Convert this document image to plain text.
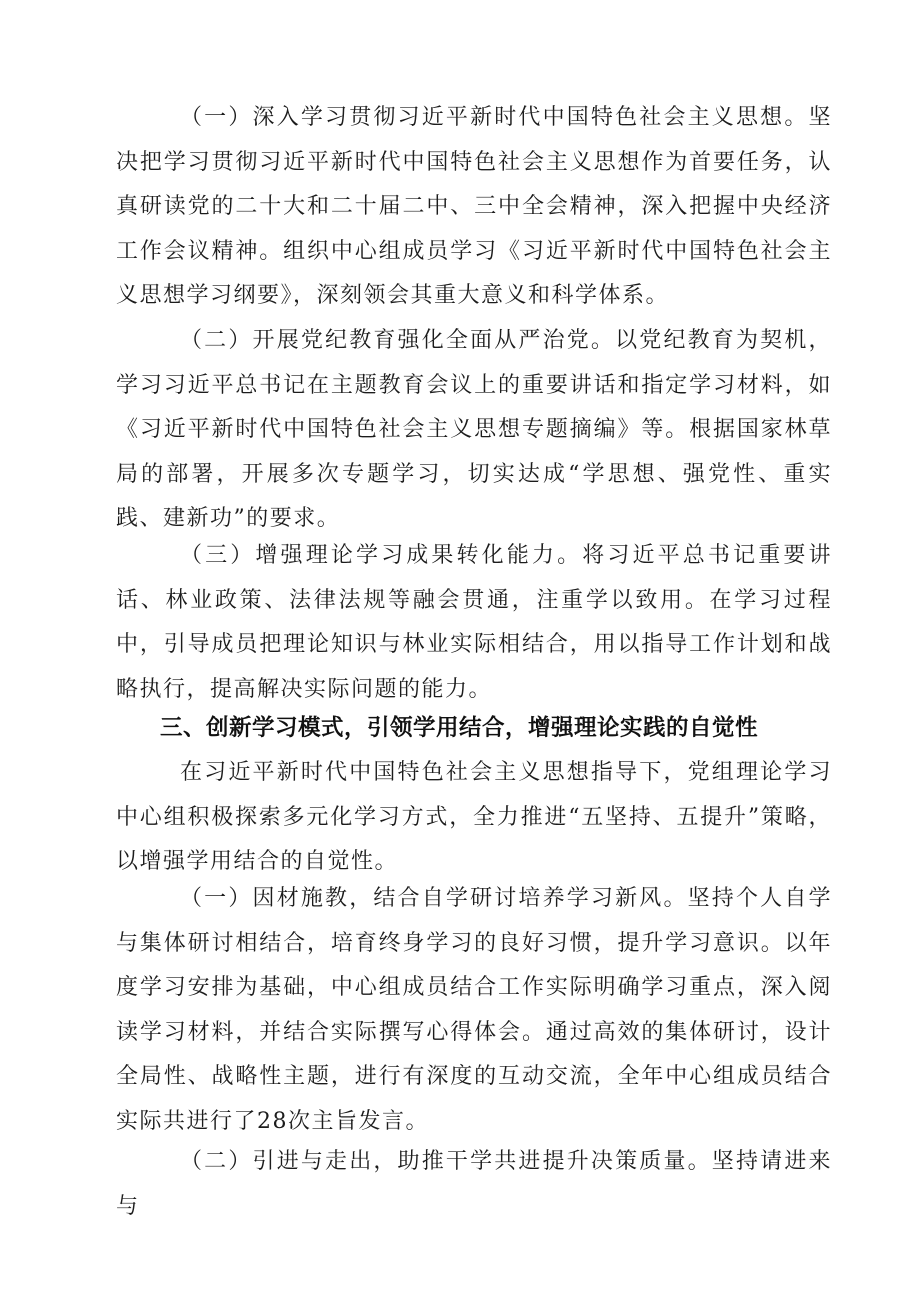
（一）深入学习贯彻习近平新时代中国特色社会主义思想。坚决把学习贯彻习近平新时代中国特色社会主义思想作为首要任务，认真研读党的二十大和二十届二中、三中全会精神，深入把握中央经济工作会议精神。组织中心组成员学习《习近平新时代中国特色社会主义思想学习纲要》，深刻领会其重大意义和科学体系。

（二）开展党纪教育强化全面从严治党。以党纪教育为契机，学习习近平总书记在主题教育会议上的重要讲话和指定学习材料，如《习近平新时代中国特色社会主义思想专题摘编》等。根据国家林草局的部署，开展多次专题学习，切实达成“学思想、强党性、重实践、建新功”的要求。

（三）增强理论学习成果转化能力。将习近平总书记重要讲话、林业政策、法律法规等融会贯通，注重学以致用。在学习过程中，引导成员把理论知识与林业实际相结合，用以指导工作计划和战略执行，提高解决实际问题的能力。

三、创新学习模式，引领学用结合，增强理论实践的自觉性

在习近平新时代中国特色社会主义思想指导下，党组理论学习中心组积极探索多元化学习方式，全力推进“五坚持、五提升”策略，以增强学用结合的自觉性。

（一）因材施教，结合自学研讨培养学习新风。坚持个人自学与集体研讨相结合，培育终身学习的良好习惯，提升学习意识。以年度学习安排为基础，中心组成员结合工作实际明确学习重点，深入阅读学习材料，并结合实际撰写心得体会。通过高效的集体研讨，设计全局性、战略性主题，进行有深度的互动交流，全年中心组成员结合实际共进行了28次主旨发言。

（二）引进与走出，助推干学共进提升决策质量。坚持请进来与
